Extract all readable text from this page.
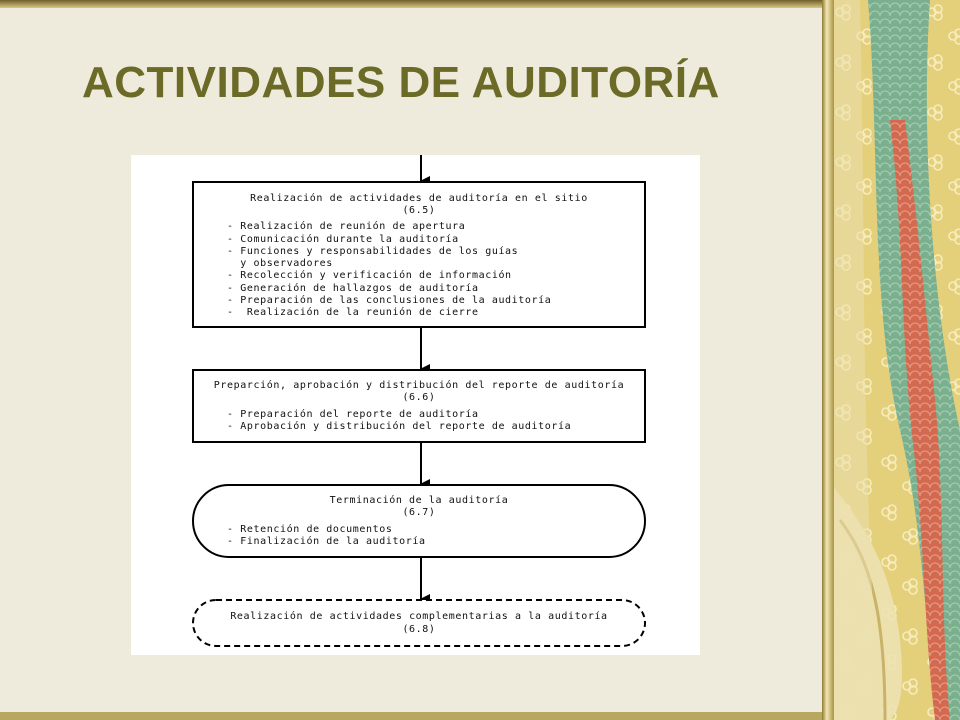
ACTIVIDADES DE AUDITORÍA
Realización de actividades de auditoría en el sitio
(6.5)
- Realización de reunión de apertura
- Comunicación durante la auditoría
- Funciones y responsabilidades de los guías
y observadores
- Recolección y verificación de información
- Generación de hallazgos de auditoría
- Preparación de las conclusiones de la auditoría
-  Realización de la reunión de cierre
Preparción, aprobación y distribución del reporte de auditoría
(6.6)
- Preparación del reporte de auditoría
- Aprobación y distribución del reporte de auditoría
Terminación de la auditoría
(6.7)
- Retención de documentos
- Finalización de la auditoría
Realización de actividades complementarias a la auditoría
(6.8)
